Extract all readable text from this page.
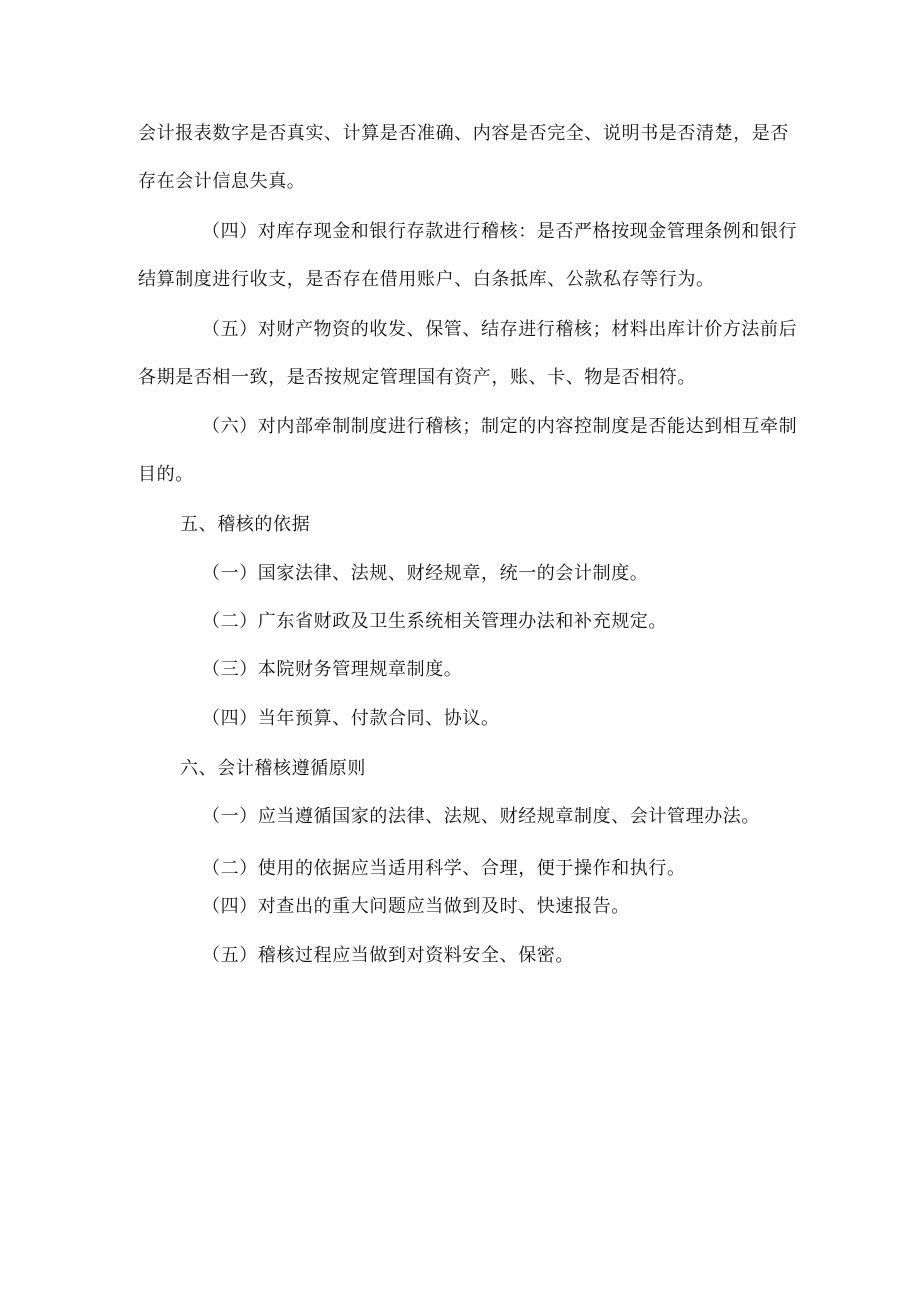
会计报表数字是否真实、计算是否准确、内容是否完全、说明书是否清楚，是否
存在会计信息失真。
（四）对库存现金和银行存款进行稽核：是否严格按现金管理条例和银行
结算制度进行收支，是否存在借用账户、白条抵库、公款私存等行为。
（五）对财产物资的收发、保管、结存进行稽核；材料出库计价方法前后
各期是否相一致，是否按规定管理国有资产，账、卡、物是否相符。
（六）对内部牵制制度进行稽核；制定的内容控制度是否能达到相互牵制
目的。
五、稽核的依据
（一）国家法律、法规、财经规章，统一的会计制度。
（二）广东省财政及卫生系统相关管理办法和补充规定。
（三）本院财务管理规章制度。
（四）当年预算、付款合同、协议。
六、会计稽核遵循原则
（一）应当遵循国家的法律、法规、财经规章制度、会计管理办法。
（二）使用的依据应当适用科学、合理，便于操作和执行。
（四）对查出的重大问题应当做到及时、快速报告。
（五）稽核过程应当做到对资料安全、保密。
